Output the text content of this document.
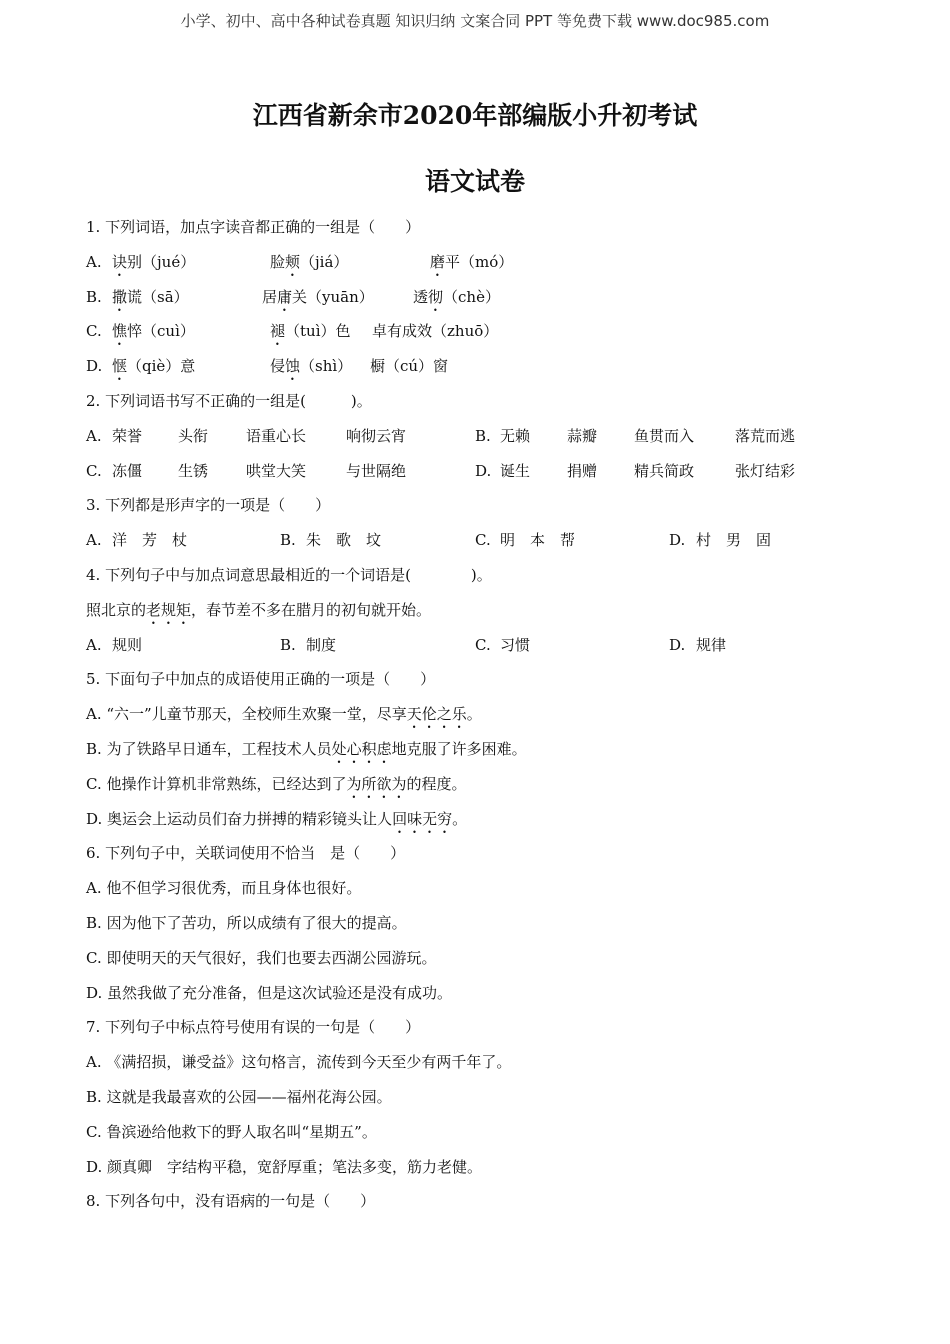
小学、初中、高中各种试卷真题 知识归纳 文案合同 PPT 等免费下载 www.doc985.com
江西省新余市2020年部编版小升初考试
语文试卷
1. 下列词语，加点字读音都正确的一组是（　　）
A. 诀别（jué）	脸颊（jiá）	磨平（mó）
B. 撒谎（sā）	居庸关（yuān）	透彻（chè）
C. 憔悴（cuì）	褪（tuì）色 卓有成效（zhuō）
D. 惬（qiè）意	侵蚀（shì） 橱（cú）窗
2. 下列词语书写不正确的一组是(　　　)。
A. 荣誉 头衔	语重心长	响彻云宵	B. 无赖 蒜瓣 鱼贯而入	落荒而逃
C. 冻僵 生锈	哄堂大笑	与世隔绝	D. 诞生 捐赠 精兵简政	张灯结彩
3. 下列都是形声字的一项是（　　）
A. 洋　芳　杖	B. 朱　歌　坟	C. 明　本　帮	D. 村　男　固
4. 下列句子中与加点词意思最相近的一个词语是(　　　　)。
照北京的老规矩，春节差不多在腊月的初旬就开始。
A. 规则	B. 制度	C. 习惯	D. 规律
5. 下面句子中加点的成语使用正确的一项是（　　）
A. “六一”儿童节那天，全校师生欢聚一堂，尽享天伦之乐。
B. 为了铁路早日通车，工程技术人员处心积虑地克服了许多困难。
C. 他操作计算机非常熟练，已经达到了为所欲为的程度。
D. 奥运会上运动员们奋力拼搏的精彩镜头让人回味无穷。
6. 下列句子中，关联词使用不恰当　是（　　）
A. 他不但学习很优秀，而且身体也很好。
B. 因为他下了苦功，所以成绩有了很大的提高。
C. 即使明天的天气很好，我们也要去西湖公园游玩。
D. 虽然我做了充分准备，但是这次试验还是没有成功。
7. 下列句子中标点符号使用有误的一句是（　　）
A. 《满招损，谦受益》这句格言，流传到今天至少有两千年了。
B. 这就是我最喜欢的公园——福州花海公园。
C. 鲁滨逊给他救下的野人取名叫“星期五”。
D. 颜真卿　字结构平稳，宽舒厚重；笔法多变，筋力老健。
8. 下列各句中，没有语病的一句是（　　）
